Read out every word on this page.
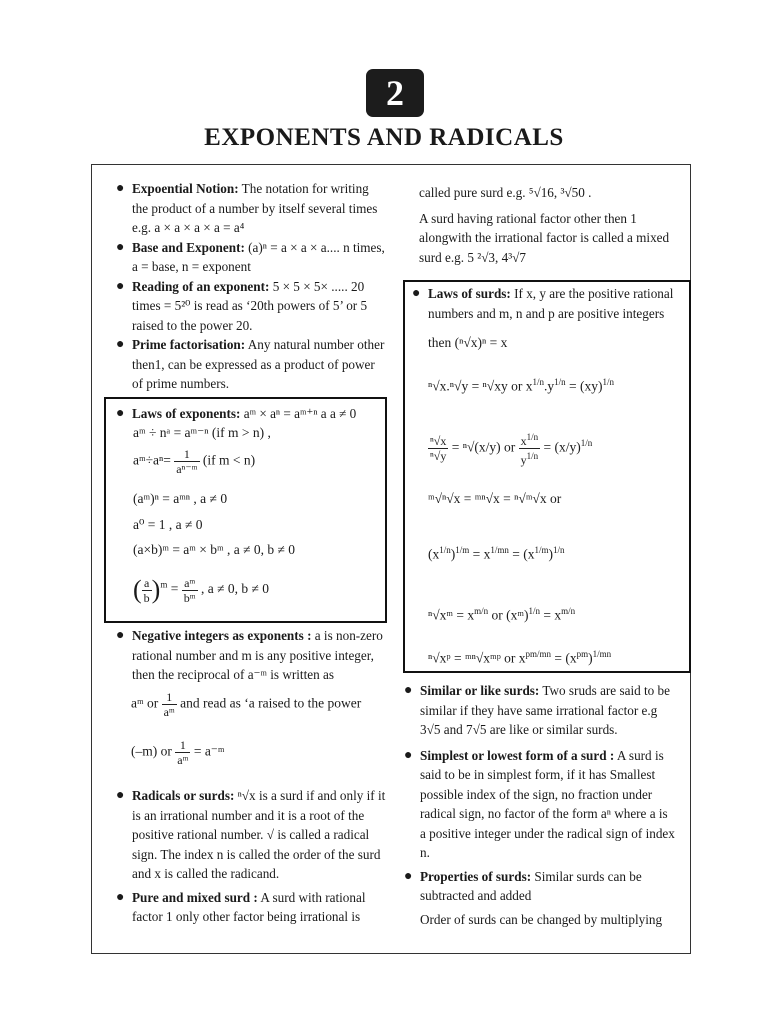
2
EXPONENTS AND RADICALS
● Expoential Notion: The notation for writing the product of a number by itself several times e.g. a × a × a × a = a⁴
● Base and Exponent: (a)ⁿ = a × a × a.... n times, a = base, n = exponent
● Reading of an exponent: 5 × 5 × 5× ..... 20 times = 5²⁰ is read as ‘20th powers of 5’ or 5 raised to the power 20.
● Prime factorisation: Any natural number other then1, can be expressed as a product of power of prime numbers.
● Laws of exponents: aᵐ × aⁿ = aᵐ⁺ⁿ a a ≠ 0
aᵐ ÷ nᵃ = aᵐ⁻ⁿ (if m > n) ,
aᵐ÷aⁿ= $\frac{1}{\text{aⁿ⁻ᵐ}} (if$ m < n)
(aᵐ)ⁿ = aᵐⁿ , a ≠ 0
a⁰ = 1 , a ≠ 0
(a×b)ᵐ = aᵐ × bᵐ , a ≠ 0, b ≠ 0
( $\frac{a}{b} )^m = \frac{\text{aᵐ}}{\text{bᵐ}}$ , a ≠ 0, b ≠ 0
● Negative integers as exponents : a is non-zero rational number and m is any positive integer, then the reciprocal of a⁻ᵐ is written as
aᵐ or $\frac{1}{\text{aᵐ}}$ and read as ‘a raised to the power
(–m) or $\frac{1}{\text{aᵐ}}$ = a⁻ᵐ
● Radicals or surds: ⁿ√x is a surd if and only if it is an irrational number and it is a root of the positive rational number. √ is called a radical sign. The index n is called the order of the surd and x is called the radicand.
● Pure and mixed surd : A surd with rational factor 1 only other factor being irrational is

called pure surd e.g. ⁵√16, ³√50 .

A surd having rational factor other then 1 alongwith the irrational factor is called a mixed surd e.g. 5 ²√3, 4³√7

● Laws of surds: If x, y are the positive rational numbers and m, n and p are positive integers
then (ⁿ√x)ⁿ = x
ⁿ√x.ⁿ√y = ⁿ√xy or $x^{1/n}.y^{1/n} = (xy)^{1/n}$
$\frac{\text{ⁿ√x}}{\text{ⁿ√y}} = ^n√(x/y)$ or $\frac{x^{1/n}}{y^{1/n}} = (x/y)^{1/n}$
ᵐ√ⁿ√x = ᵐⁿ√x = ⁿ√ᵐ√x or
$(x^{1/n})^{1/m} = x^{1/mn} = (x^{1/m})^{1/n}$
ⁿ√xᵐ = $x^{m/n}$ or (xᵐ)$^{1/n}$ = $x^{m/n}$
ⁿ√xᵖ = ᵐⁿ√xᵐᵖ or $x^{pm/mn} = (x^{pm})^{1/mn}$
● Similar or like surds: Two sruds are said to be similar if they have same irrational factor e.g 3√5 and 7√5 are like or similar surds.
● Simplest or lowest form of a surd : A surd is said to be in simplest form, if it has Smallest possible index of the sign, no fraction under radical sign, no factor of the form aⁿ where a is a positive integer under the radical sign of index n.
● Properties of surds: Similar surds can be subtracted and added

Order of surds can be changed by multiplying
